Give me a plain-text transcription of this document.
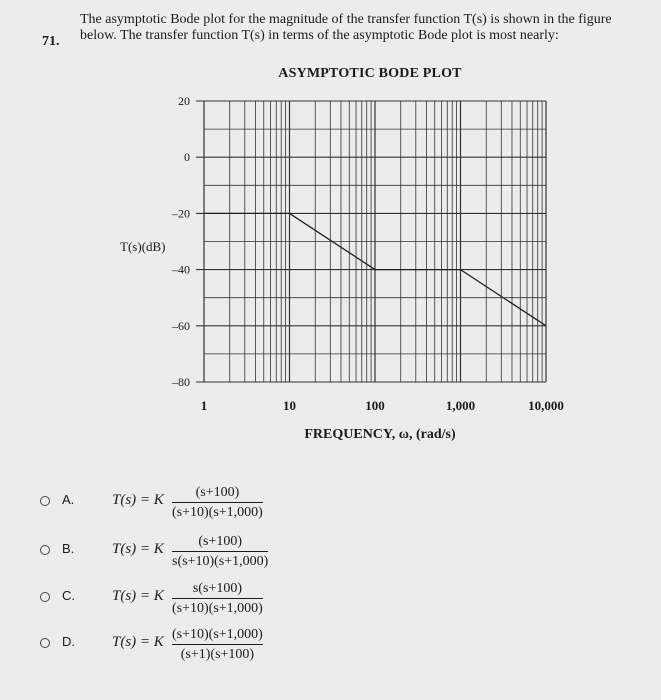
71.
The asymptotic Bode plot for the magnitude of the transfer function T(s) is shown in the figure
below. The transfer function T(s) in terms of the asymptotic Bode plot is most nearly:
ASYMPTOTIC BODE PLOT
20
0
–20
–40
–60
–80
1	10	100	1,000	10,000
T(s)(dB)
FREQUENCY, ω, (rad/s)
A.	T(s) = K (s+100)
(s+10)(s+1,000)
B.	T(s) = K (s+100)
s(s+10)(s+1,000)
C. T(s) = K s(s+100)
(s+10)(s+1,000)
D. T(s) = K (s+10)(s+1,000)
(s+1)(s+100)
